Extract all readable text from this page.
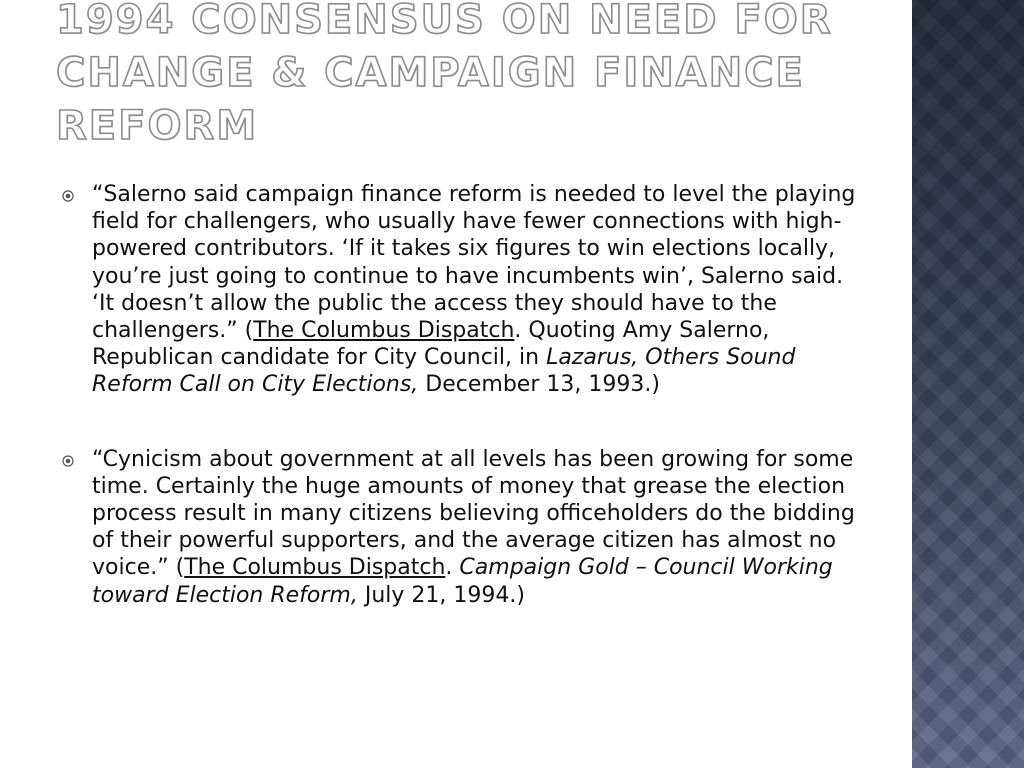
1994 CONSENSUS ON NEED FOR CHANGE & CAMPAIGN FINANCE REFORM
“Salerno said campaign finance reform is needed to level the playing field for challengers, who usually have fewer connections with high-powered contributors. ‘If it takes six figures to win elections locally, you’re just going to continue to have incumbents win’, Salerno said. ‘It doesn’t allow the public the access they should have to the challengers.” (The Columbus Dispatch. Quoting Amy Salerno, Republican candidate for City Council, in Lazarus, Others Sound Reform Call on City Elections, December 13, 1993.)
“Cynicism about government at all levels has been growing for some time. Certainly the huge amounts of money that grease the election process result in many citizens believing officeholders do the bidding of their powerful supporters, and the average citizen has almost no voice.” (The Columbus Dispatch. Campaign Gold – Council Working toward Election Reform, July 21, 1994.)
